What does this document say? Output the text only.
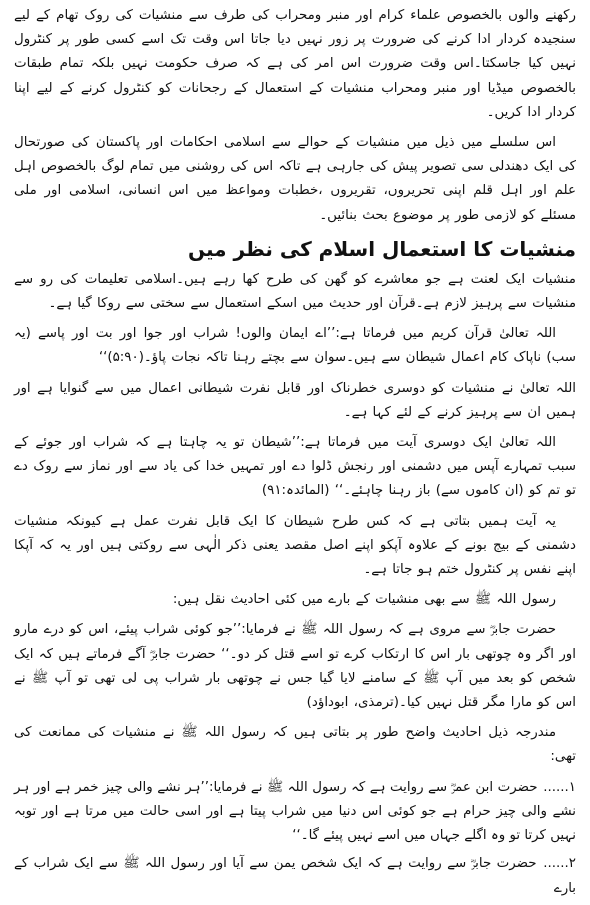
رکھنے والوں بالخصوص علماء کرام اور منبر ومحراب کی طرف سے منشیات کی روک تھام کے لیے سنجیدہ کردار ادا کرنے کی ضرورت پر زور نہیں دیا جاتا اس وقت تک اسے کسی طور پر کنٹرول نہیں کیا جاسکتا۔اس وقت ضرورت اس امر کی ہے کہ صرف حکومت نہیں بلکہ تمام طبقات بالخصوص میڈیا اور منبر ومحراب منشیات کے استعمال کے رجحانات کو کنٹرول کرنے کے لیے اپنا کردار ادا کریں۔

اس سلسلے میں ذیل میں منشیات کے حوالے سے اسلامی احکامات اور پاکستان کی صورتحال کی ایک دھندلی سی تصویر پیش کی جارہی ہے تاکہ اس کی روشنی میں تمام لوگ بالخصوص اہل علم اور اہل قلم اپنی تحریروں، تقریروں ،خطبات ومواعظ میں اس انسانی، اسلامی اور ملی مسئلے کو لازمی طور پر موضوع بحث بنائیں۔

منشیات کا استعمال اسلام کی نظر میں

منشیات ایک لعنت ہے جو معاشرے کو گھن کی طرح کھا رہے ہیں۔اسلامی تعلیمات کی رو سے منشیات سے پرہیز لازم ہے۔قرآن اور حدیث میں اسکے استعمال سے سختی سے روکا گیا ہے۔

اللہ تعالیٰ قرآن کریم میں فرماتا ہے:’’اے ایمان والوں! شراب اور جوا اور بت اور پاسے (یہ سب) ناپاک کام اعمال شیطان سے ہیں۔سوان سے بچتے رہنا تاکہ نجات پاؤ۔(۵:۹۰)‘‘

اللہ تعالیٰ نے منشیات کو دوسری خطرناک اور قابل نفرت شیطانی اعمال میں سے گنوایا ہے اور ہمیں ان سے پرہیز کرنے کے لئے کہا ہے۔

اللہ تعالیٰ ایک دوسری آیت میں فرماتا ہے:’’شیطان تو یہ چاہتا ہے کہ شراب اور جوئے کے سبب تمہارے آپس میں دشمنی اور رنجش ڈلوا دے اور تمہیں خدا کی یاد سے اور نماز سے روک دے تو تم کو (ان کاموں سے) باز رہنا چاہئے۔‘‘ (المائدہ:۹۱)

یہ آیت ہمیں بتاتی ہے کہ کس طرح شیطان کا ایک قابل نفرت عمل ہے کیونکہ منشیات دشمنی کے بیج بونے کے علاوہ آپکو اپنے اصل مقصد یعنی ذکر الٰہی سے روکتی ہیں اور یہ کہ آپکا اپنے نفس پر کنٹرول ختم ہو جاتا ہے۔

رسول اللہ ﷺ سے بھی منشیات کے بارے میں کئی احادیث نقل ہیں:

حضرت جابرؓ سے مروی ہے کہ رسول اللہ ﷺ نے فرمایا:’’جو کوئی شراب پیئے، اس کو درے مارو اور اگر وہ چوتھی بار اس کا ارتکاب کرے تو اسے قتل کر دو۔‘‘ حضرت جابرؓ آگے فرماتے ہیں کہ ایک شخص کو بعد میں آپ ﷺ کے سامنے لایا گیا جس نے چوتھی بار شراب پی لی تھی تو آپ ﷺ نے اس کو مارا مگر قتل نہیں کیا۔(ترمذی، ابوداؤد)

مندرجہ ذیل احادیث واضح طور پر بتاتی ہیں کہ رسول اللہ ﷺ نے منشیات کی ممانعت کی تھی:

۱...... حضرت ابن عمرؓ سے روایت ہے کہ رسول اللہ ﷺ نے فرمایا:’’ہر نشے والی چیز خمر ہے اور ہر نشے والی چیز حرام ہے جو کوئی اس دنیا میں شراب پیتا ہے اور اسی حالت میں مرتا ہے اور توبہ نہیں کرتا تو وہ اگلے جہاں میں اسے نہیں پیئے گا۔‘‘

۲...... حضرت جابرؓ سے روایت ہے کہ ایک شخص یمن سے آیا اور رسول اللہ ﷺ سے ایک شراب کے بارے
